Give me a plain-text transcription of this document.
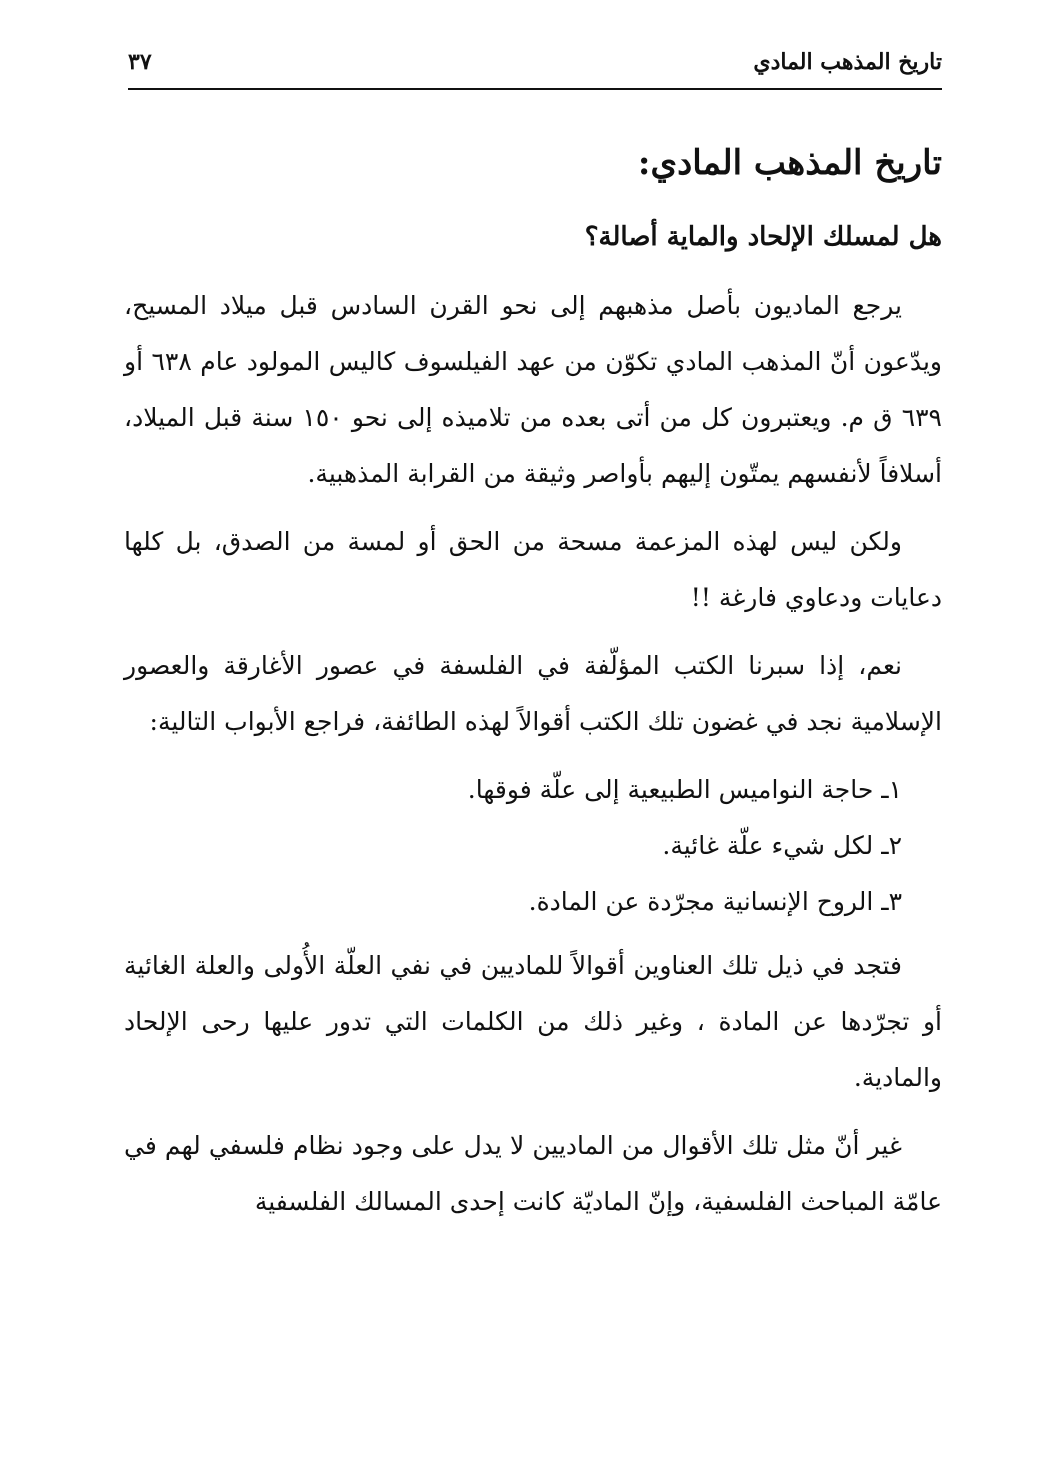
تاريخ المذهب المادي
٣٧
تاريخ المذهب المادي:

هل لمسلك الإلحاد والماية أصالة؟

يرجع الماديون بأصل مذهبهم إلى نحو القرن السادس قبل ميلاد المسيح، ويدّعون أنّ المذهب المادي تكوّن من عهد الفيلسوف كاليس المولود عام ٦٣٨ أو ٦٣٩ ق م. ويعتبرون كل من أتى بعده من تلاميذه إلى نحو ١٥٠ سنة قبل الميلاد، أسلافاً لأنفسهم يمتّون إليهم بأواصر وثيقة من القرابة المذهبية.

ولكن ليس لهذه المزعمة مسحة من الحق أو لمسة من الصدق، بل كلها دعايات ودعاوي فارغة !!

نعم، إذا سبرنا الكتب المؤلّفة في الفلسفة في عصور الأغارقة والعصور الإسلامية نجد في غضون تلك الكتب أقوالاً لهذه الطائفة، فراجع الأبواب التالية:

١ـ حاجة النواميس الطبيعية إلى علّة فوقها.
٢ـ لكل شيء علّة غائية.
٣ـ الروح الإنسانية مجرّدة عن المادة.

فتجد في ذيل تلك العناوين أقوالاً للماديين في نفي العلّة الأُولى والعلة الغائية أو تجرّدها عن المادة ، وغير ذلك من الكلمات التي تدور عليها رحى الإلحاد والمادية.

غير أنّ مثل تلك الأقوال من الماديين لا يدل على وجود نظام فلسفي لهم في عامّة المباحث الفلسفية، وإنّ الماديّة كانت إحدى المسالك الفلسفية
